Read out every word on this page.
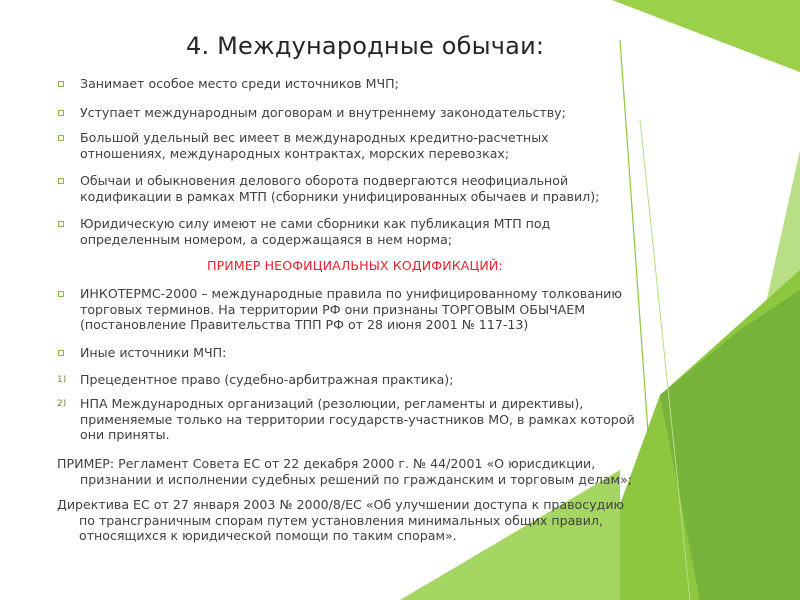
4. Международные обычаи:
Занимает особое место среди источников МЧП;
Уступает международным договорам и внутреннему законодательству;
Большой удельный вес имеет в международных кредитно-расчетных
отношениях, международных контрактах, морских перевозках;
Обычаи и обыкновения делового оборота подвергаются неофициальной
кодификации в рамках МТП (сборники унифицированных обычаев и правил);
Юридическую силу имеют не сами сборники как публикация МТП под
определенным номером, а содержащаяся в нем норма;
ПРИМЕР НЕОФИЦИАЛЬНЫХ КОДИФИКАЦИЙ:
ИНКОТЕРМС-2000 – международные правила по унифицированному толкованию
торговых терминов. На территории РФ они признаны ТОРГОВЫМ ОБЫЧАЕМ
(постановление Правительства ТПП РФ от 28 июня 2001 № 117-13)
Иные источники МЧП:
1)	Прецедентное право (судебно-арбитражная практика);
2)	НПА Международных организаций (резолюции, регламенты и директивы),
применяемые только на территории государств-участников МО, в рамках которой
они приняты.
ПРИМЕР: Регламент Совета ЕС от 22 декабря 2000 г. № 44/2001 «О юрисдикции,
признании и исполнении судебных решений по гражданским и торговым делам»;
Директива ЕС от 27 января 2003 № 2000/8/ЕС «Об улучшении доступа к правосудию
по трансграничным спорам путем установления минимальных общих правил,
относящихся к юридической помощи по таким спорам».
